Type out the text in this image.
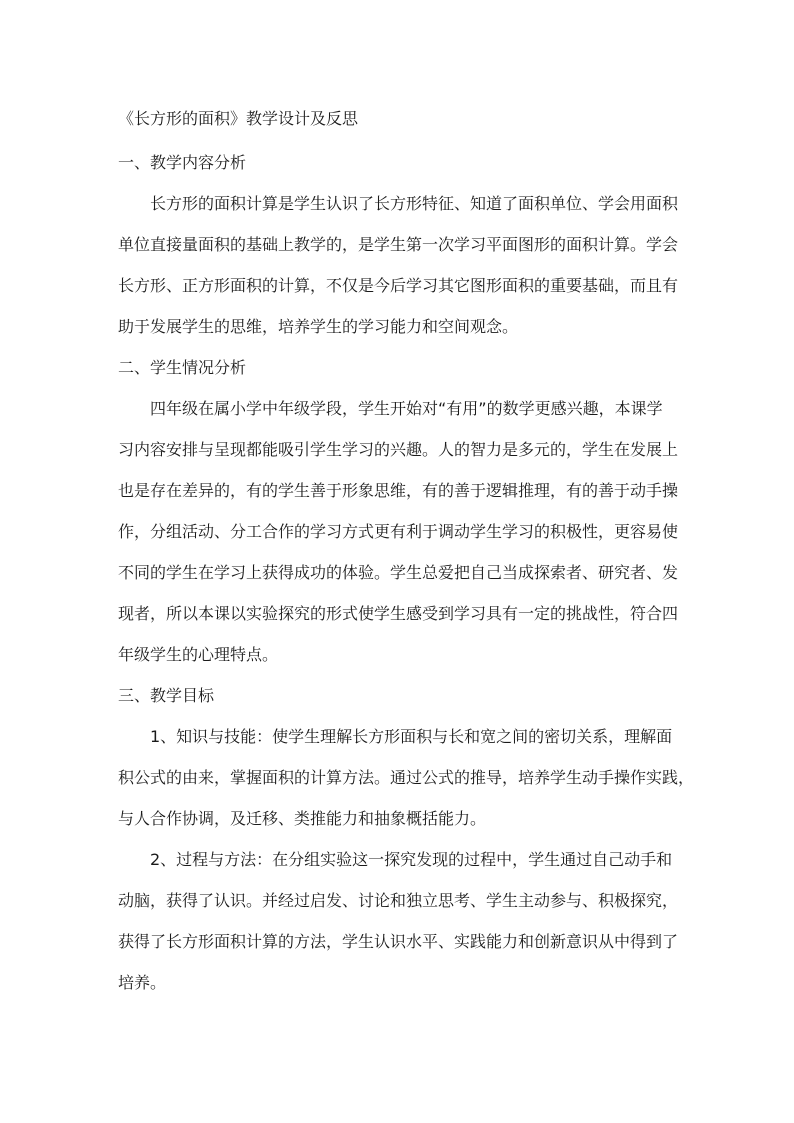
《长方形的面积》教学设计及反思
一、教学内容分析
长方形的面积计算是学生认识了长方形特征、知道了面积单位、学会用面积
单位直接量面积的基础上教学的，是学生第一次学习平面图形的面积计算。学会
长方形、正方形面积的计算，不仅是今后学习其它图形面积的重要基础，而且有
助于发展学生的思维，培养学生的学习能力和空间观念。
二、学生情况分析
四年级在属小学中年级学段，学生开始对“有用”的数学更感兴趣，本课学
习内容安排与呈现都能吸引学生学习的兴趣。人的智力是多元的，学生在发展上
也是存在差异的，有的学生善于形象思维，有的善于逻辑推理，有的善于动手操
作，分组活动、分工合作的学习方式更有利于调动学生学习的积极性，更容易使
不同的学生在学习上获得成功的体验。学生总爱把自己当成探索者、研究者、发
现者，所以本课以实验探究的形式使学生感受到学习具有一定的挑战性，符合四
年级学生的心理特点。
三、教学目标
1、知识与技能：使学生理解长方形面积与长和宽之间的密切关系，理解面
积公式的由来，掌握面积的计算方法。通过公式的推导，培养学生动手操作实践，
与人合作协调，及迁移、类推能力和抽象概括能力。
2、过程与方法：在分组实验这一探究发现的过程中，学生通过自己动手和
动脑，获得了认识。并经过启发、讨论和独立思考、学生主动参与、积极探究，
获得了长方形面积计算的方法，学生认识水平、实践能力和创新意识从中得到了
培养。
